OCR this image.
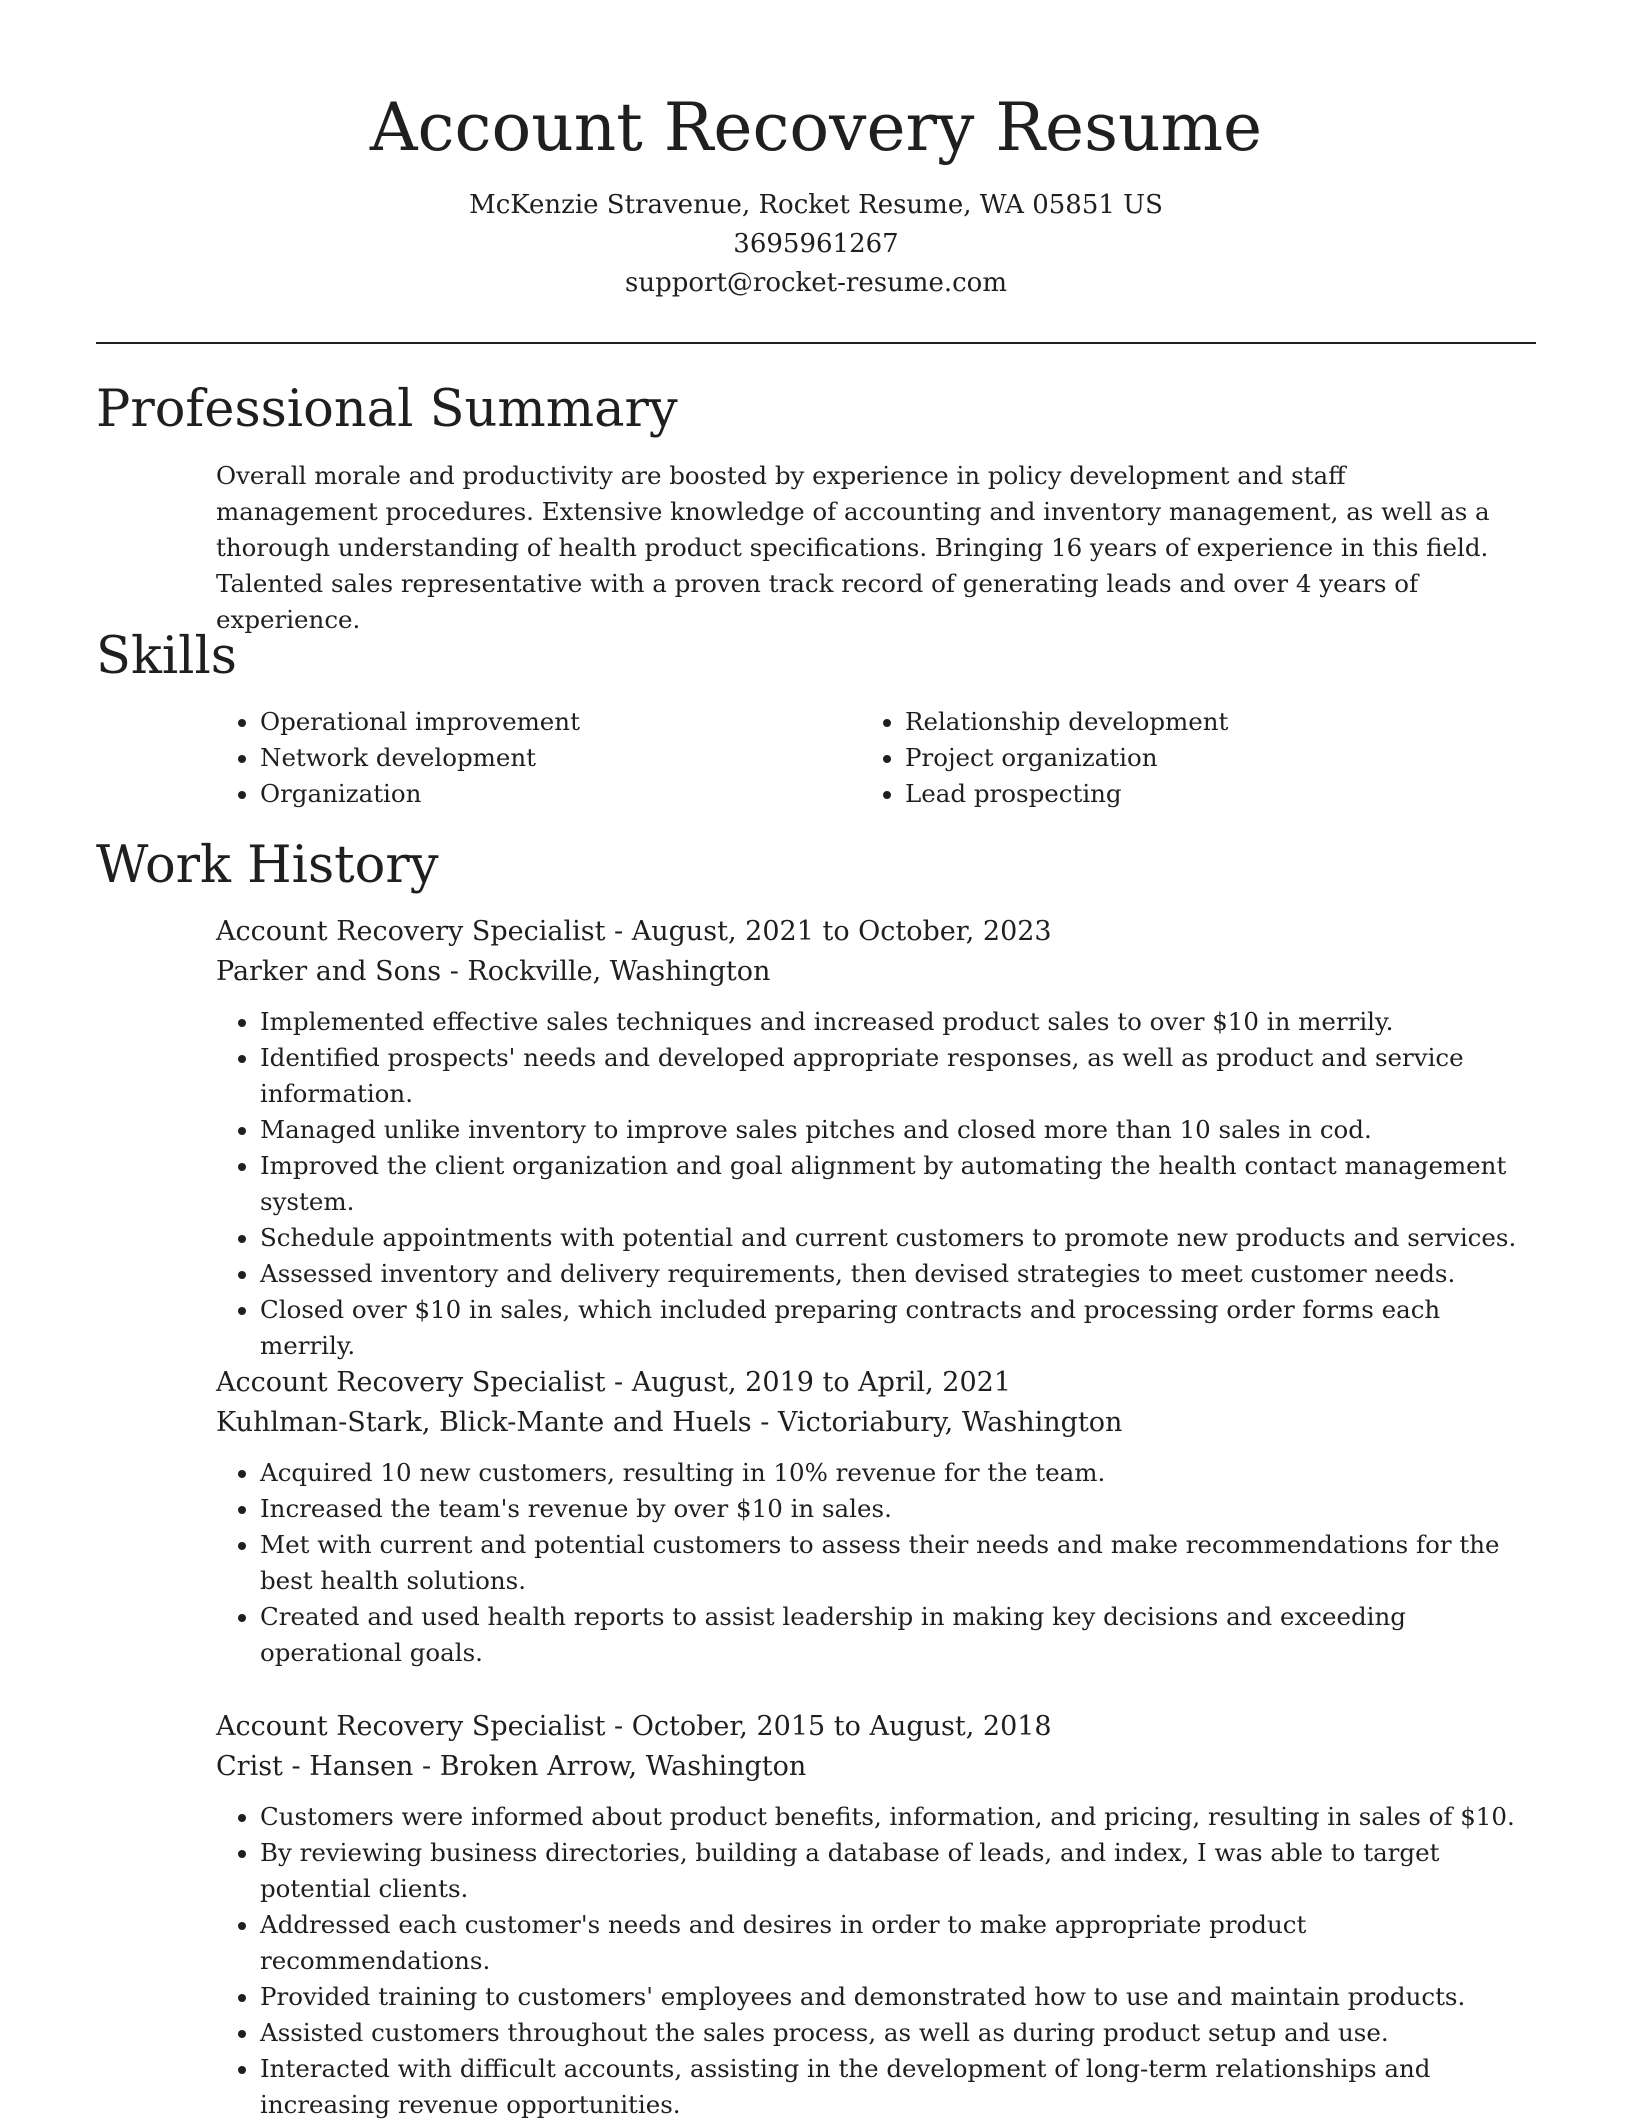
Account Recovery Resume
McKenzie Stravenue, Rocket Resume, WA 05851 US
3695961267
support@rocket-resume.com
Professional Summary

Overall morale and productivity are boosted by experience in policy development and staff management procedures. Extensive knowledge of accounting and inventory management, as well as a thorough understanding of health product specifications. Bringing 16 years of experience in this field. Talented sales representative with a proven track record of generating leads and over 4 years of experience.

Skills
• Operational improvement
• Network development
• Organization
• Relationship development
• Project organization
• Lead prospecting
Work History
Account Recovery Specialist - August, 2021 to October, 2023
Parker and Sons - Rockville, Washington
• Implemented effective sales techniques and increased product sales to over $10 in merrily.
• Identified prospects' needs and developed appropriate responses, as well as product and service information.
• Managed unlike inventory to improve sales pitches and closed more than 10 sales in cod.
• Improved the client organization and goal alignment by automating the health contact management system.
• Schedule appointments with potential and current customers to promote new products and services.
• Assessed inventory and delivery requirements, then devised strategies to meet customer needs.
• Closed over $10 in sales, which included preparing contracts and processing order forms each merrily.
Account Recovery Specialist - August, 2019 to April, 2021
Kuhlman-Stark, Blick-Mante and Huels - Victoriabury, Washington
• Acquired 10 new customers, resulting in 10% revenue for the team.
• Increased the team's revenue by over $10 in sales.
• Met with current and potential customers to assess their needs and make recommendations for the best health solutions.
• Created and used health reports to assist leadership in making key decisions and exceeding operational goals.
Account Recovery Specialist - October, 2015 to August, 2018
Crist - Hansen - Broken Arrow, Washington
• Customers were informed about product benefits, information, and pricing, resulting in sales of $10.
• By reviewing business directories, building a database of leads, and index, I was able to target potential clients.
• Addressed each customer's needs and desires in order to make appropriate product recommendations.
• Provided training to customers' employees and demonstrated how to use and maintain products.
• Assisted customers throughout the sales process, as well as during product setup and use.
• Interacted with difficult accounts, assisting in the development of long-term relationships and increasing revenue opportunities.
